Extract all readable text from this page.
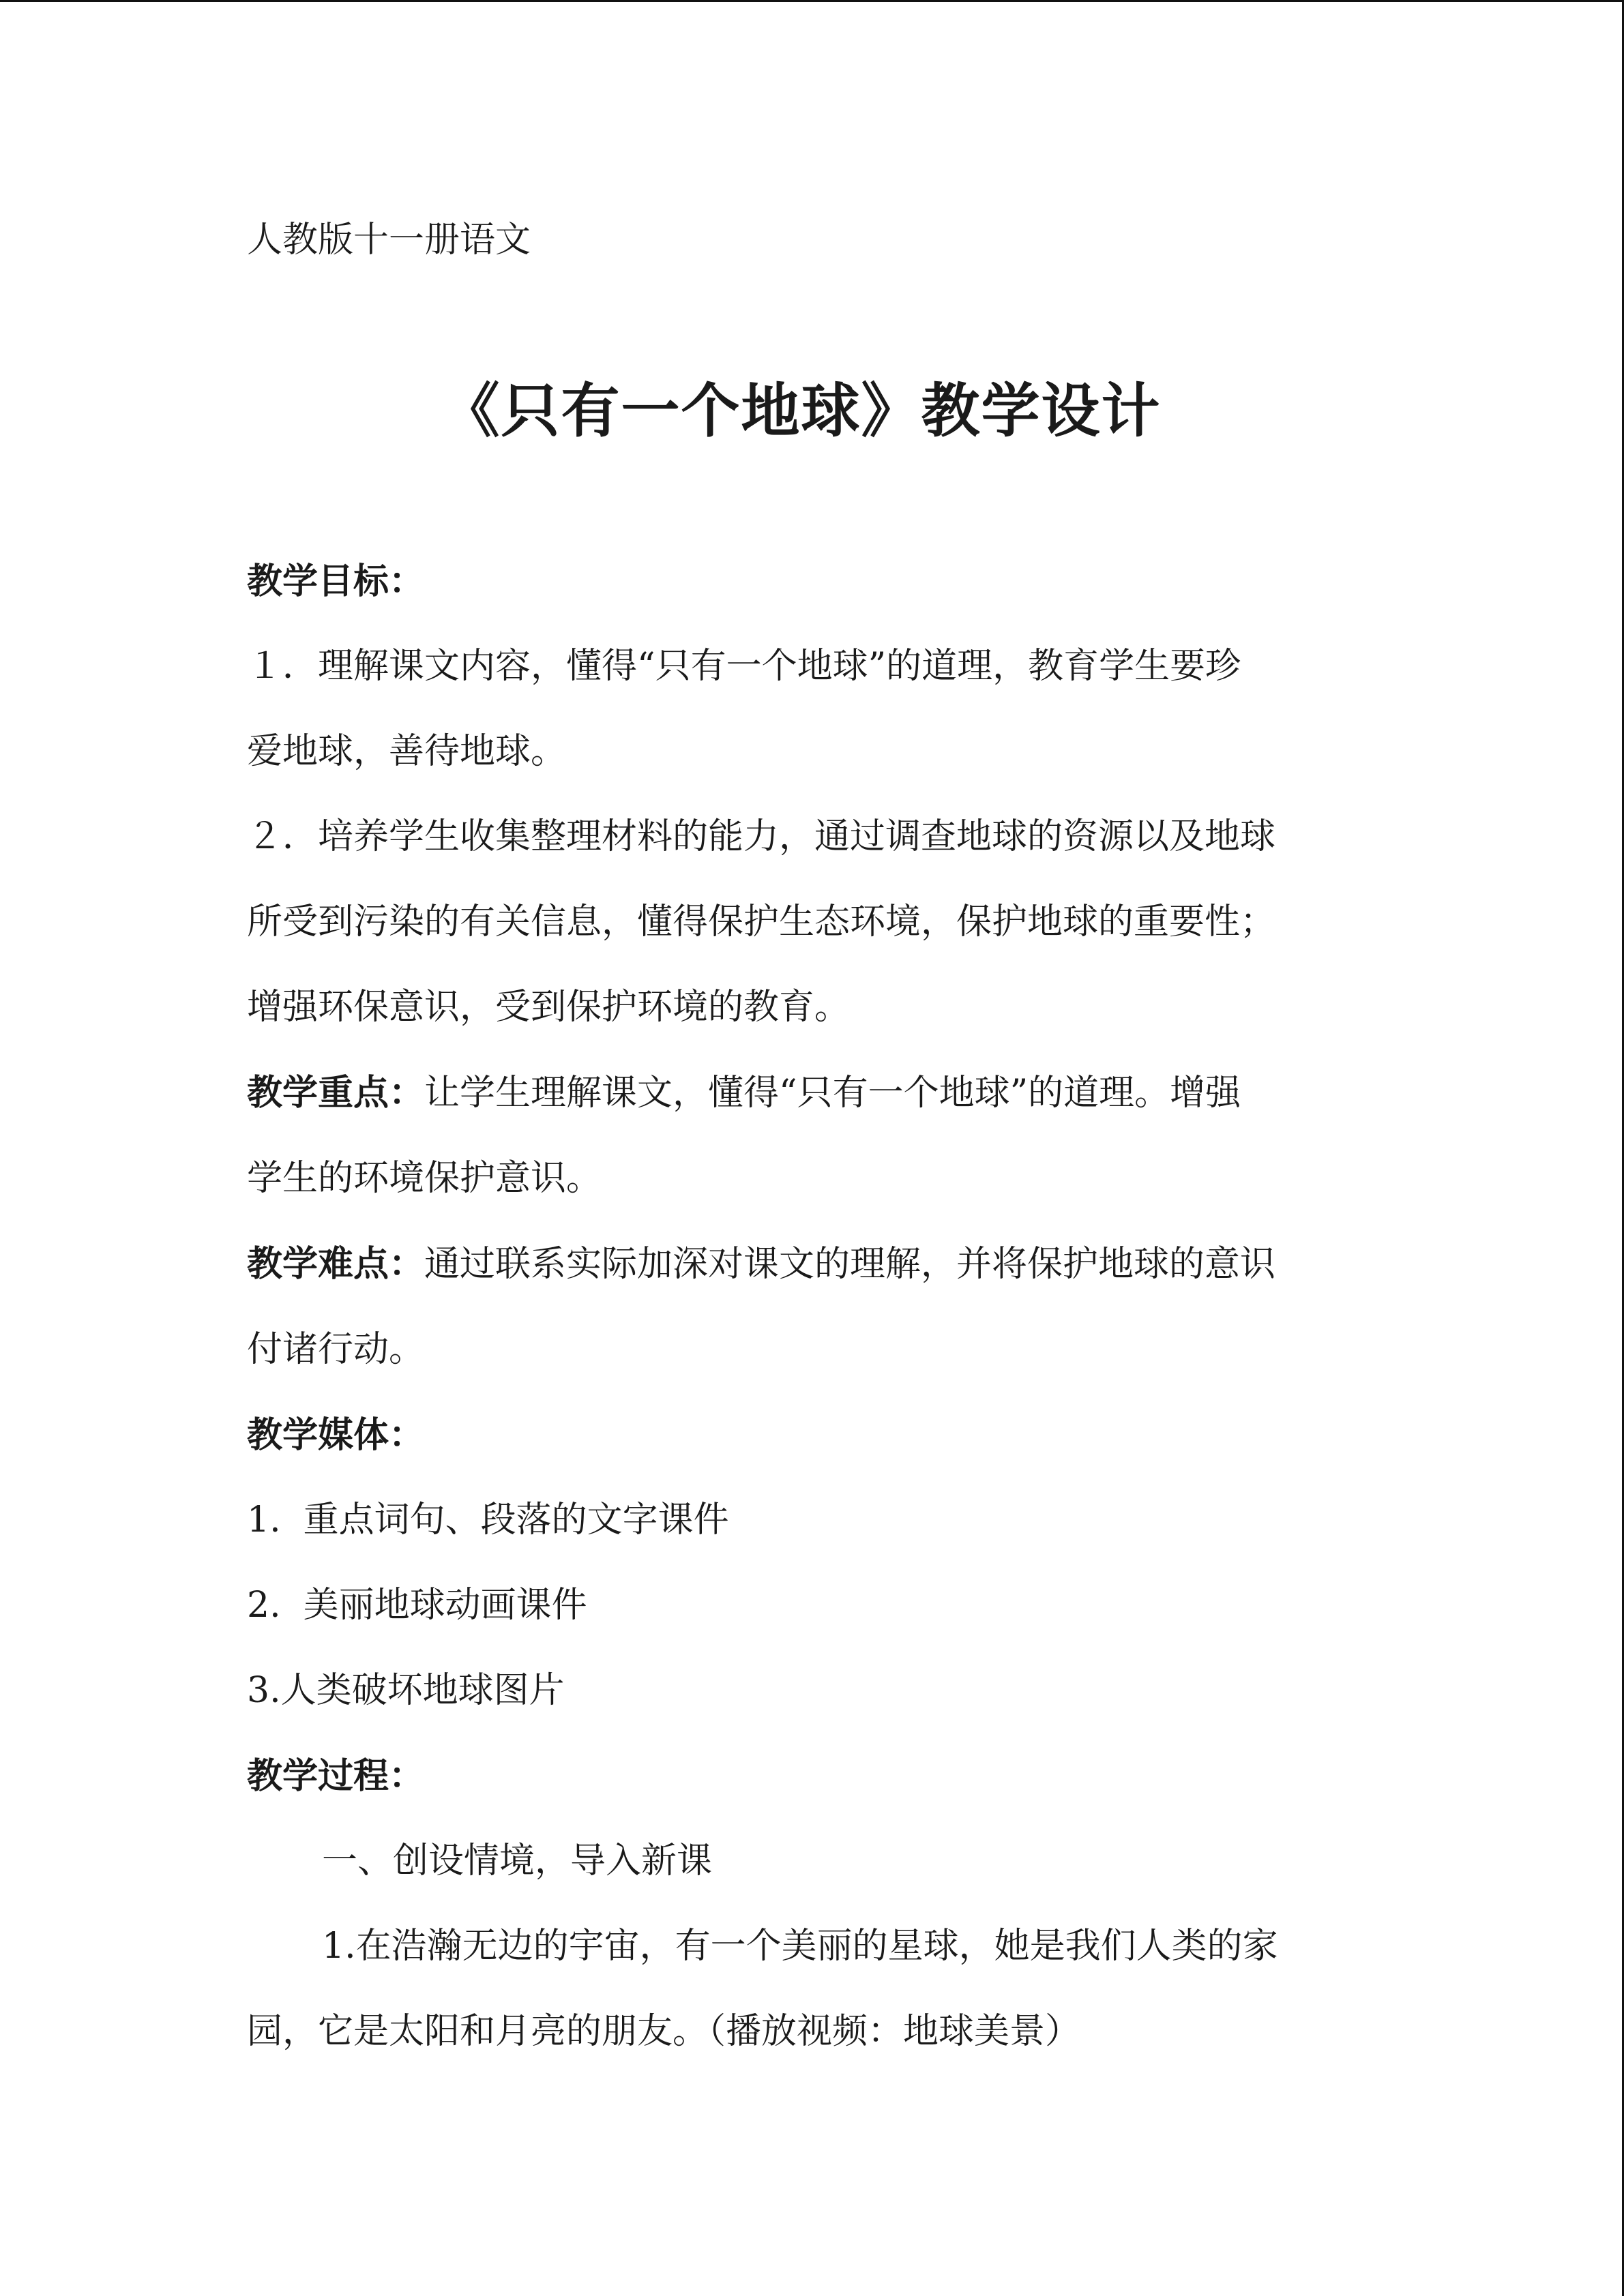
人教版十一册语文
《只有一个地球》教学设计

教学目标：

１．理解课文内容，懂得“只有一个地球”的道理，教育学生要珍

爱地球，善待地球。

２．培养学生收集整理材料的能力，通过调查地球的资源以及地球

所受到污染的有关信息，懂得保护生态环境，保护地球的重要性；

增强环保意识，受到保护环境的教育。

教学重点：让学生理解课文，懂得“只有一个地球”的道理。增强

学生的环境保护意识。

教学难点：通过联系实际加深对课文的理解，并将保护地球的意识

付诸行动。

教学媒体：

1.  重点词句、段落的文字课件

2.  美丽地球动画课件

3.人类破坏地球图片

教学过程：

一、创设情境，导入新课

1.在浩瀚无边的宇宙，有一个美丽的星球，她是我们人类的家

园，它是太阳和月亮的朋友。（播放视频：地球美景）
